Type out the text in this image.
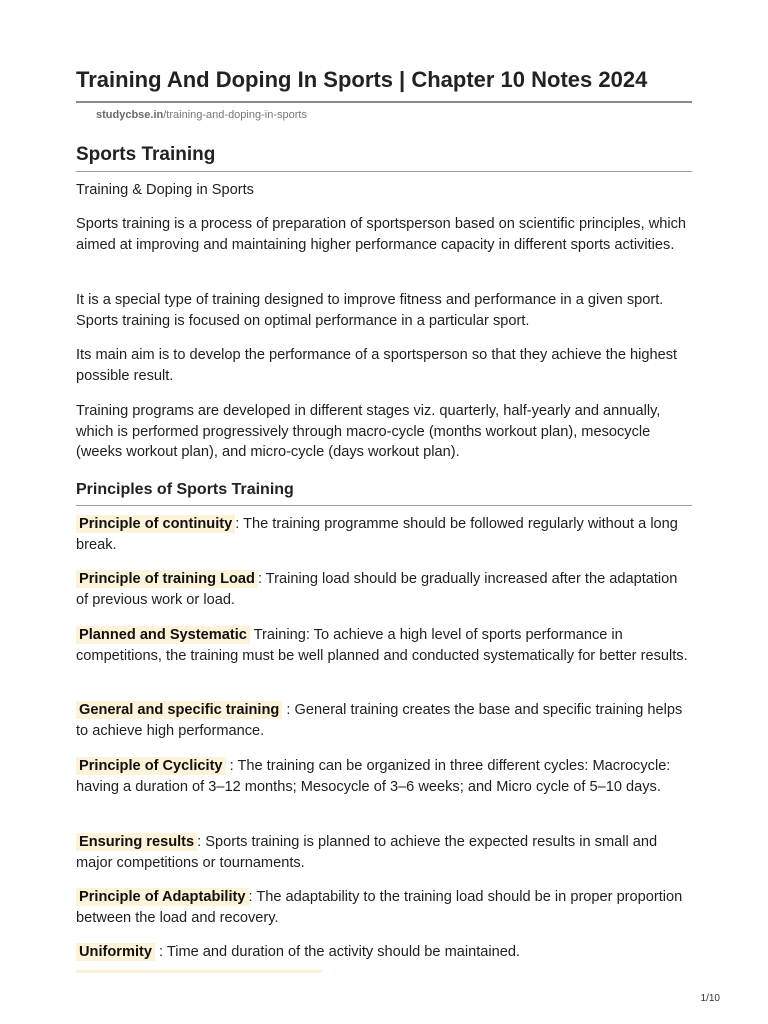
Training And Doping In Sports | Chapter 10 Notes 2024
studycbse.in/training-and-doping-in-sports
Sports Training

Training & Doping in Sports

Sports training is a process of preparation of sportsperson based on scientific principles, which aimed at improving and maintaining higher performance capacity in different sports activities.

It is a special type of training designed to improve fitness and performance in a given sport. Sports training is focused on optimal performance in a particular sport.

Its main aim is to develop the performance of a sportsperson so that they achieve the highest possible result.

Training programs are developed in different stages viz. quarterly, half-yearly and annually, which is performed progressively through macro-cycle (months workout plan), mesocycle (weeks workout plan), and micro-cycle (days workout plan).

Principles of Sports Training

Principle of continuity : The training programme should be followed regularly without a long break.

Principle of training Load : Training load should be gradually increased after the adaptation of previous work or load.

Planned and Systematic Training: To achieve a high level of sports performance in competitions, the training must be well planned and conducted systematically for better results.

General and specific training : General training creates the base and specific training helps to achieve high performance.

Principle of Cyclicity : The training can be organized in three different cycles: Macrocycle: having a duration of 3–12 months; Mesocycle of 3–6 weeks; and Micro cycle of 5–10 days.

Ensuring results : Sports training is planned to achieve the expected results in small and major competitions or tournaments.

Principle of Adaptability : The adaptability to the training load should be in proper proportion between the load and recovery.

Uniformity : Time and duration of the activity should be maintained.

1/10
